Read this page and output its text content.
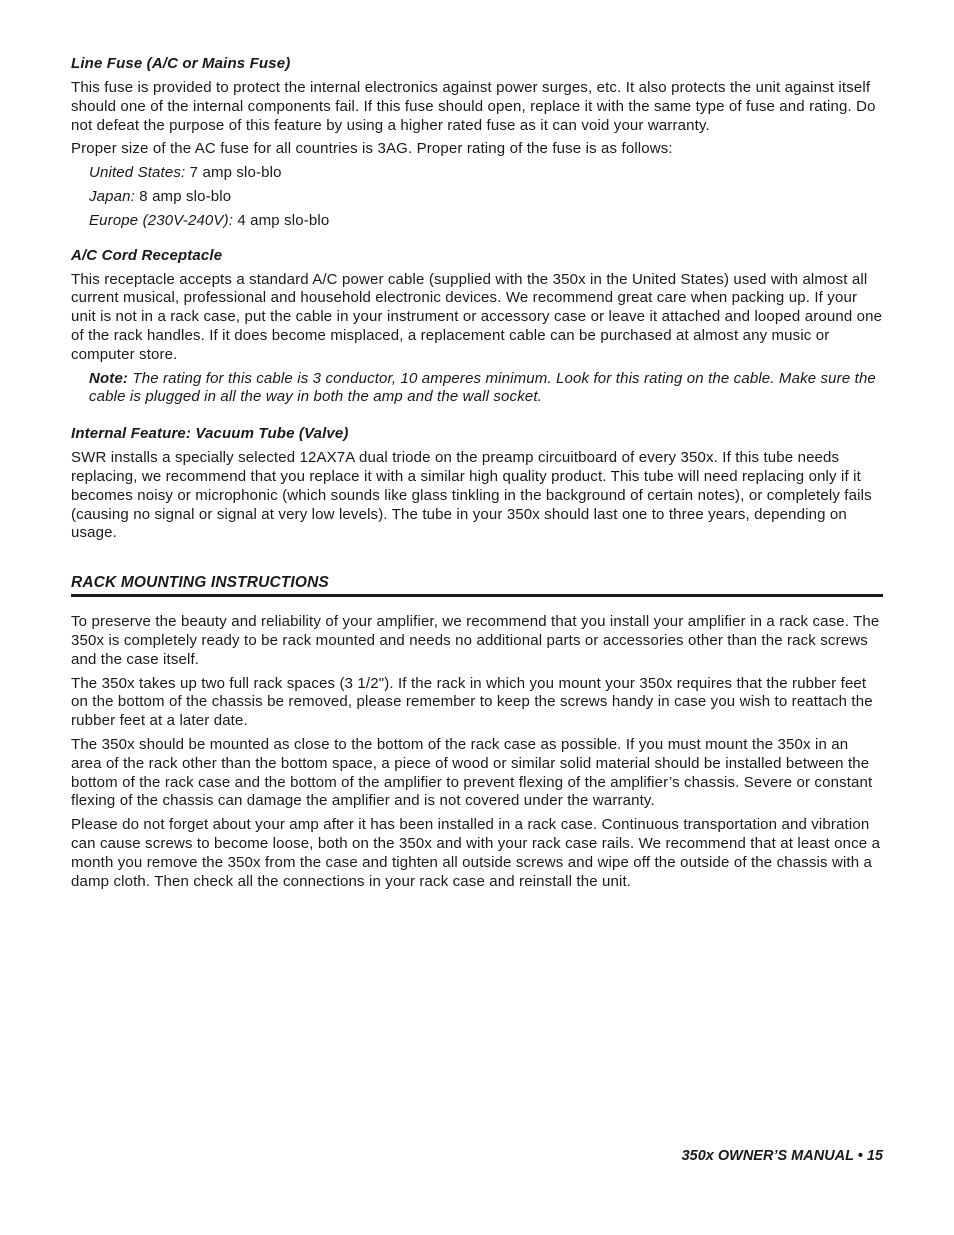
Line Fuse (A/C or Mains Fuse)

This fuse is provided to protect the internal electronics against power surges, etc. It also protects the unit against itself should one of the internal components fail. If this fuse should open, replace it with the same type of fuse and rating. Do not defeat the purpose of this feature by using a higher rated fuse as it can void your warranty.

Proper size of the AC fuse for all countries is 3AG. Proper rating of the fuse is as follows:

United States: 7 amp slo-blo

Japan: 8 amp slo-blo

Europe (230V-240V): 4 amp slo-blo

A/C Cord Receptacle

This receptacle accepts a standard A/C power cable (supplied with the 350x in the United States) used with almost all current musical, professional and household electronic devices. We recommend great care when packing up. If your unit is not in a rack case, put the cable in your instrument or accessory case or leave it attached and looped around one of the rack handles. If it does become misplaced, a replacement cable can be purchased at almost any music or computer store.

Note: The rating for this cable is 3 conductor, 10 amperes minimum. Look for this rating on the cable. Make sure the cable is plugged in all the way in both the amp and the wall socket.

Internal Feature: Vacuum Tube (Valve)

SWR installs a specially selected 12AX7A dual triode on the preamp circuitboard of every 350x. If this tube needs replacing, we recommend that you replace it with a similar high quality product. This tube will need replacing only if it becomes noisy or microphonic (which sounds like glass tinkling in the background of certain notes), or completely fails (causing no signal or signal at very low levels). The tube in your 350x should last one to three years, depending on usage.

RACK MOUNTING INSTRUCTIONS

To preserve the beauty and reliability of your amplifier, we recommend that you install your amplifier in a rack case. The 350x is completely ready to be rack mounted and needs no additional parts or accessories other than the rack screws and the case itself.

The 350x takes up two full rack spaces (3 1/2"). If the rack in which you mount your 350x requires that the rubber feet on the bottom of the chassis be removed, please remember to keep the screws handy in case you wish to reattach the rubber feet at a later date.

The 350x should be mounted as close to the bottom of the rack case as possible. If you must mount the 350x in an area of the rack other than the bottom space, a piece of wood or similar solid material should be installed between the bottom of the rack case and the bottom of the amplifier to prevent flexing of the amplifier’s chassis. Severe or constant flexing of the chassis can damage the amplifier and is not covered under the warranty.

Please do not forget about your amp after it has been installed in a rack case. Continuous transportation and vibration can cause screws to become loose, both on the 350x and with your rack case rails. We recommend that at least once a month you remove the 350x from the case and tighten all outside screws and wipe off the outside of the chassis with a damp cloth. Then check all the connections in your rack case and reinstall the unit.

350x OWNER’S MANUAL • 15
